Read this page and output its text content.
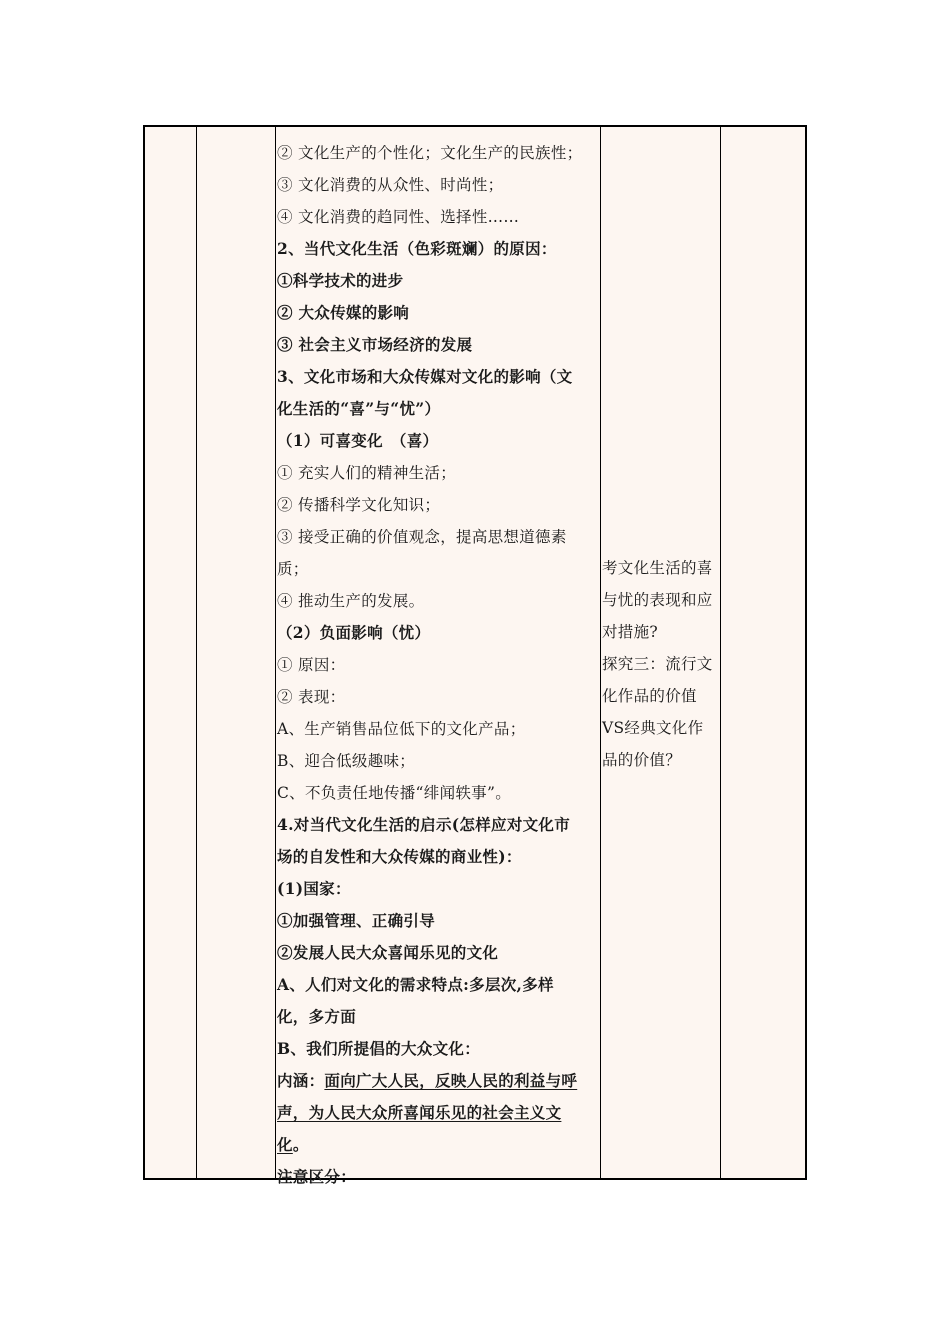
② 文化生产的个性化；文化生产的民族性；
③ 文化消费的从众性、时尚性；
④ 文化消费的趋同性、选择性……
2、当代文化生活（色彩斑斓）的原因：
①科学技术的进步
② 大众传媒的影响
③ 社会主义市场经济的发展
3、文化市场和大众传媒对文化的影响（文
化生活的“喜”与“忧”）
（1）可喜变化　（喜）
① 充实人们的精神生活；
② 传播科学文化知识；
③ 接受正确的价值观念，提高思想道德素
质；
④ 推动生产的发展。
（2）负面影响（忧）
① 原因：
② 表现：
A、生产销售品位低下的文化产品；
B、迎合低级趣味；
C、不负责任地传播“绯闻轶事”。
4.对当代文化生活的启示(怎样应对文化市
场的自发性和大众传媒的商业性)：
(1)国家：
①加强管理、正确引导
②发展人民大众喜闻乐见的文化
A、人们对文化的需求特点:多层次,多样
化，多方面
B、我们所提倡的大众文化：
内涵：面向广大人民，反映人民的利益与呼
声，为人民大众所喜闻乐见的社会主义文
化。
注意区分：
考文化生活的喜
与忧的表现和应
对措施?
探究三：流行文
化作品的价值
VS经典文化作
品的价值？
